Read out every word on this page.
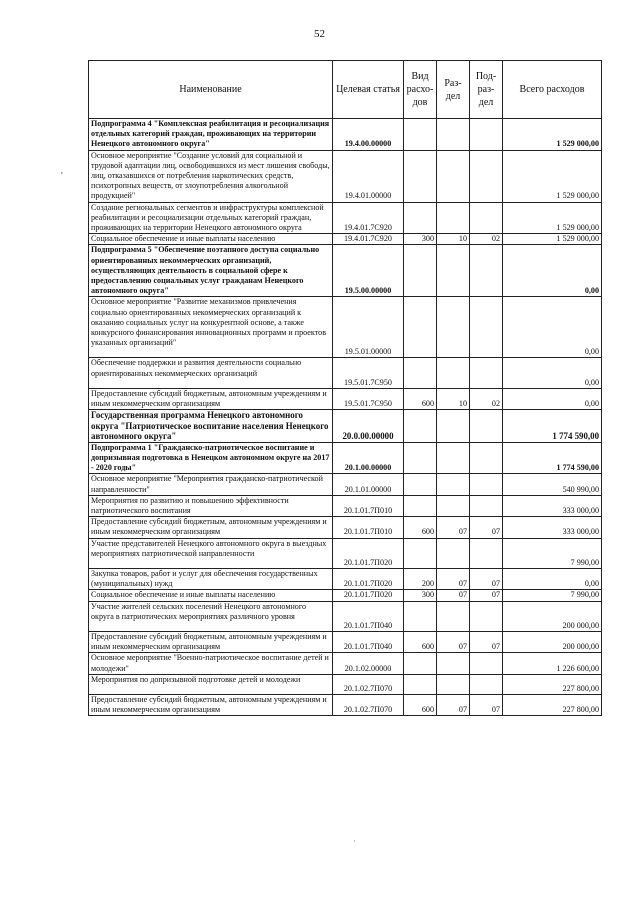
52
'
Наименование	Целевая статья	Вид расхо- дов	Раз- дел	Под- раз- дел	Всего расходов
Подпрограмма 4 "Комплексная реабилитация и ресоциализация отдельных категорий граждан, проживающих на территории Ненецкого автономного округа"	19.4.00.00000				1 529 000,00
Основное мероприятие "Создание условий для социальной и трудовой адаптации лиц, освободившихся из мест лишения свободы, лиц, отказавшихся от потребления наркотических средств, психотропных веществ, от злоупотребления алкогольной продукцией"	19.4.01.00000				1 529 000,00
Создание региональных сегментов и инфраструктуры комплексной реабилитации и ресоциализации отдельных категорий граждан, проживающих на территории Ненецкого автономного округа	19.4.01.7С920				1 529 000,00
Социальное обеспечение и иные выплаты населению	19.4.01.7С920	300	10	02	1 529 000,00
Подпрограмма 5 "Обеспечение поэтапного доступа социально ориентированных некоммерческих организаций, осуществляющих деятельность в социальной сфере к предоставлению социальных услуг гражданам Ненецкого автономного округа"	19.5.00.00000				0,00
Основное мероприятие "Развитие механизмов привлечения социально ориентированных некоммерческих организаций к оказанию социальных услуг на конкурентной основе, а также конкурсного финансирования инновационных программ и проектов указанных организаций"	19.5.01.00000				0,00
Обеспечение поддержки и развития деятельности социально ориентированных некоммерческих организаций	19.5.01.7С950				0,00
Предоставление субсидий бюджетным, автономным учреждениям и иным некоммерческим организациям	19.5.01.7С950	600	10	02	0,00
Государственная программа Ненецкого автономного округа "Патриотическое воспитание населения Ненецкого автономного округа"	20.0.00.00000				1 774 590,00
Подпрограмма 1 "Гражданско-патриотическое воспитание и допризывная подготовка в Ненецком автономном округе на 2017 - 2020 годы"	20.1.00.00000				1 774 590,00
Основное мероприятие "Мероприятия гражданско-патриотической направленности"	20.1.01.00000				540 990,00
Мероприятия по развитию и повышению эффективности патриотического воспитания	20.1.01.7П010				333 000,00
Предоставление субсидий бюджетным, автономным учреждениям и иным некоммерческим организациям	20.1.01.7П010	600	07	07	333 000,00
Участие представителей Ненецкого автономного округа в выездных мероприятиях патриотической направленности	20.1.01.7П020				7 990,00
Закупка товаров, работ и услуг для обеспечения государственных (муниципальных) нужд	20.1.01.7П020	200	07	07	0,00
Социальное обеспечение и иные выплаты населению	20.1.01.7П020	300	07	07	7 990,00
Участие жителей сельских поселений Ненецкого автономного округа в патриотических мероприятиях различного уровня	20.1.01.7П040				200 000,00
Предоставление субсидий бюджетным, автономным учреждениям и иным некоммерческим организациям	20.1.01.7П040	600	07	07	200 000,00
Основное мероприятие "Военно-патриотическое воспитание детей и молодежи"	20.1.02.00000				1 226 600,00
Мероприятия по допризывной подготовке детей и молодежи	20.1.02.7П070				227 800,00
Предоставление субсидий бюджетным, автономным учреждениям и иным некоммерческим организациям	20.1.02.7П070	600	07	07	227 800,00
·
